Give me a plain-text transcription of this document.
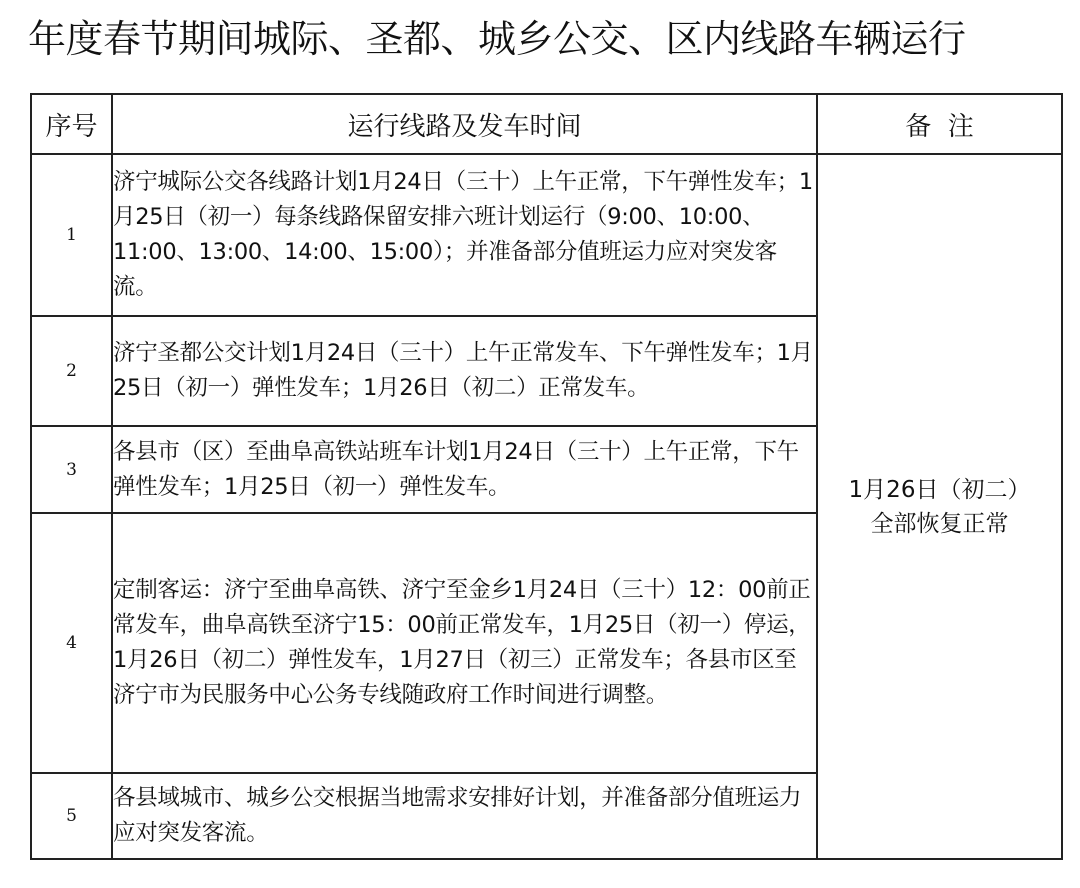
年度春节期间城际、圣都、城乡公交、区内线路车辆运行
序号	运行线路及发车时间	备  注
1	济宁城际公交各线路计划1月24日（三十）上午正常，下午弹性发车；1月25日（初一）每条线路保留安排六班计划运行（9:00、10:00、11:00、13:00、14:00、15:00）；并准备部分值班运力应对突发客流。	1月26日（初二）
全部恢复正常

2	济宁圣都公交计划1月24日（三十）上午正常发车、下午弹性发车；1月25日（初一）弹性发车；1月26日（初二）正常发车。	
3	各县市（区）至曲阜高铁站班车计划1月24日（三十）上午正常，下午弹性发车；1月25日（初一）弹性发车。	
4	定制客运：济宁至曲阜高铁、济宁至金乡1月24日（三十）12：00前正常发车，曲阜高铁至济宁15：00前正常发车，1月25日（初一）停运，1月26日（初二）弹性发车，1月27日（初三）正常发车；各县市区至济宁市为民服务中心公务专线随政府工作时间进行调整。	
5	各县域城市、城乡公交根据当地需求安排好计划，并准备部分值班运力应对突发客流。	
